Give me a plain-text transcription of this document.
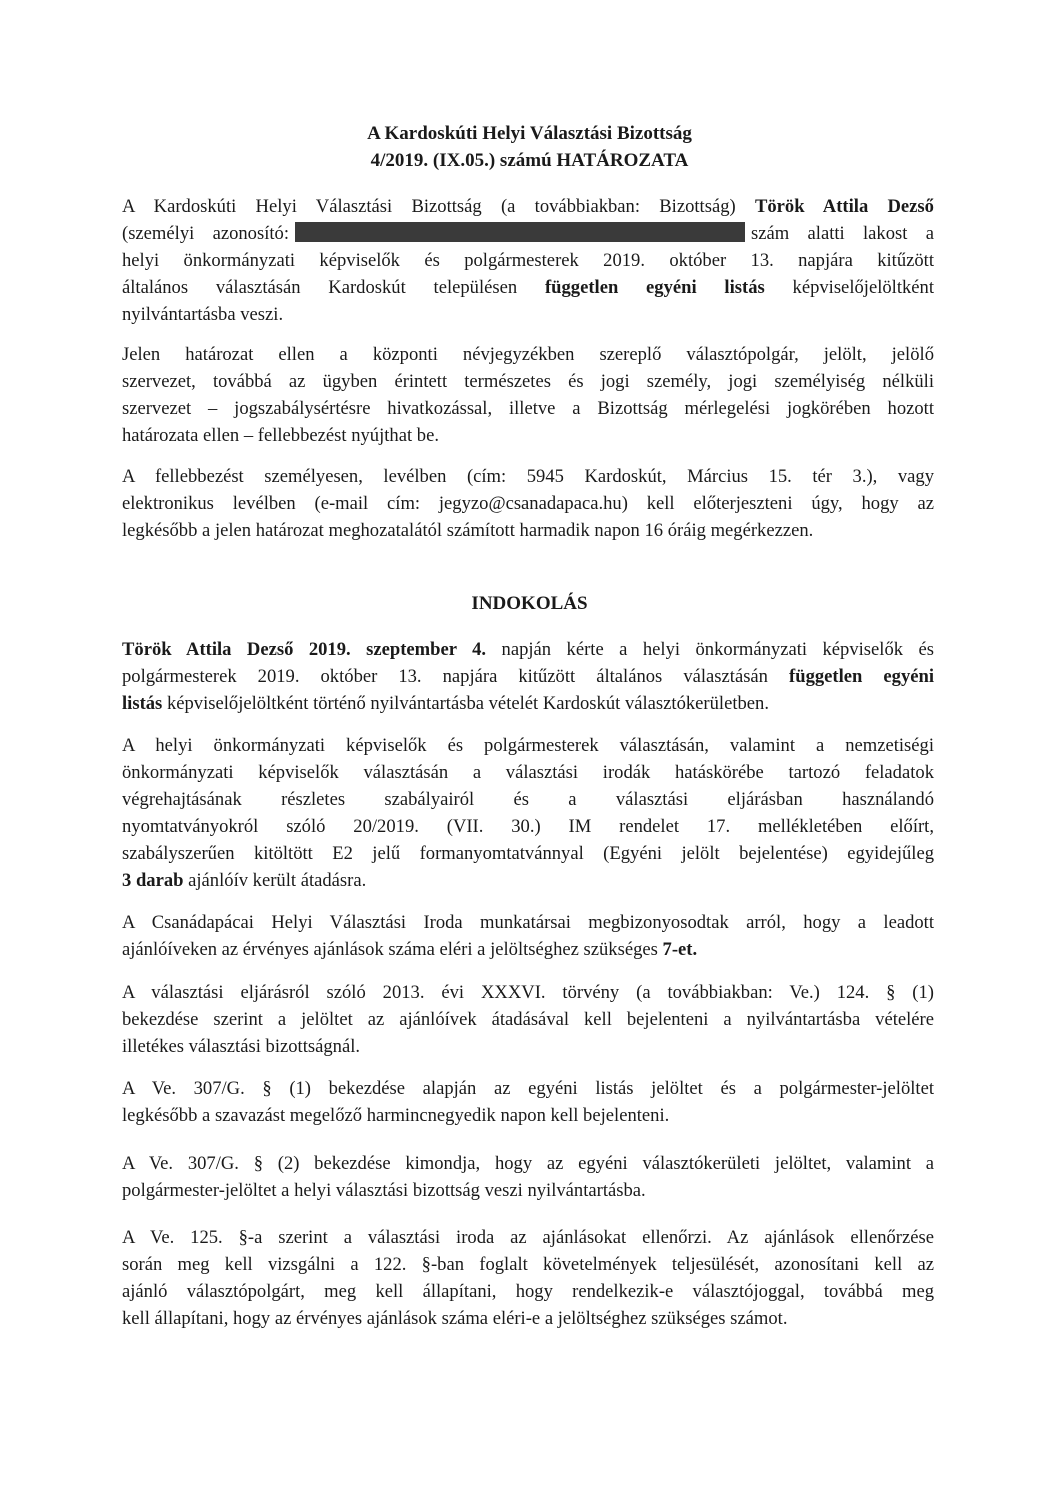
A Kardoskúti Helyi Választási Bizottság
4/2019. (IX.05.) számú HATÁROZATA
A Kardoskúti Helyi Választási Bizottság (a továbbiakban: Bizottság) Török Attila Dezső
(személyi azonosító:	szám alatti lakost a
helyi önkormányzati képviselők és polgármesterek 2019. október 13. napjára kitűzött
általános választásán Kardoskút településen független egyéni listás képviselőjelöltként
nyilvántartásba veszi.
Jelen határozat ellen a központi névjegyzékben szereplő választópolgár, jelölt, jelölő
szervezet, továbbá az ügyben érintett természetes és jogi személy, jogi személyiség nélküli
szervezet – jogszabálysértésre hivatkozással, illetve a Bizottság mérlegelési jogkörében hozott
határozata ellen – fellebbezést nyújthat be.
A fellebbezést személyesen, levélben (cím: 5945 Kardoskút, Március 15. tér 3.), vagy
elektronikus levélben (e-mail cím: jegyzo@csanadapaca.hu) kell előterjeszteni úgy, hogy az
legkésőbb a jelen határozat meghozatalától számított harmadik napon 16 óráig megérkezzen.
INDOKOLÁS
Török Attila Dezső 2019. szeptember 4. napján kérte a helyi önkormányzati képviselők és
polgármesterek 2019. október 13. napjára kitűzött általános választásán független egyéni
listás képviselőjelöltként történő nyilvántartásba vételét Kardoskút választókerületben.
A helyi önkormányzati képviselők és polgármesterek választásán, valamint a nemzetiségi
önkormányzati képviselők választásán a választási irodák hatáskörébe tartozó feladatok
végrehajtásának részletes szabályairól és a választási eljárásban használandó
nyomtatványokról szóló 20/2019. (VII. 30.) IM rendelet 17. mellékletében előírt,
szabályszerűen kitöltött E2 jelű formanyomtatvánnyal (Egyéni jelölt bejelentése) egyidejűleg
3 darab ajánlóív került átadásra.
A Csanádapácai Helyi Választási Iroda munkatársai megbizonyosodtak arról, hogy a leadott
ajánlóíveken az érvényes ajánlások száma eléri a jelöltséghez szükséges 7-et.
A választási eljárásról szóló 2013. évi XXXVI. törvény (a továbbiakban: Ve.) 124. § (1)
bekezdése szerint a jelöltet az ajánlóívek átadásával kell bejelenteni a nyilvántartásba vételére
illetékes választási bizottságnál.
A Ve. 307/G. § (1) bekezdése alapján az egyéni listás jelöltet és a polgármester-jelöltet
legkésőbb a szavazást megelőző harmincnegyedik napon kell bejelenteni.
A Ve. 307/G. § (2) bekezdése kimondja, hogy az egyéni választókerületi jelöltet, valamint a
polgármester-jelöltet a helyi választási bizottság veszi nyilvántartásba.
A Ve. 125. §-a szerint a választási iroda az ajánlásokat ellenőrzi. Az ajánlások ellenőrzése
során meg kell vizsgálni a 122. §-ban foglalt követelmények teljesülését, azonosítani kell az
ajánló választópolgárt, meg kell állapítani, hogy rendelkezik-e választójoggal, továbbá meg
kell állapítani, hogy az érvényes ajánlások száma eléri-e a jelöltséghez szükséges számot.
